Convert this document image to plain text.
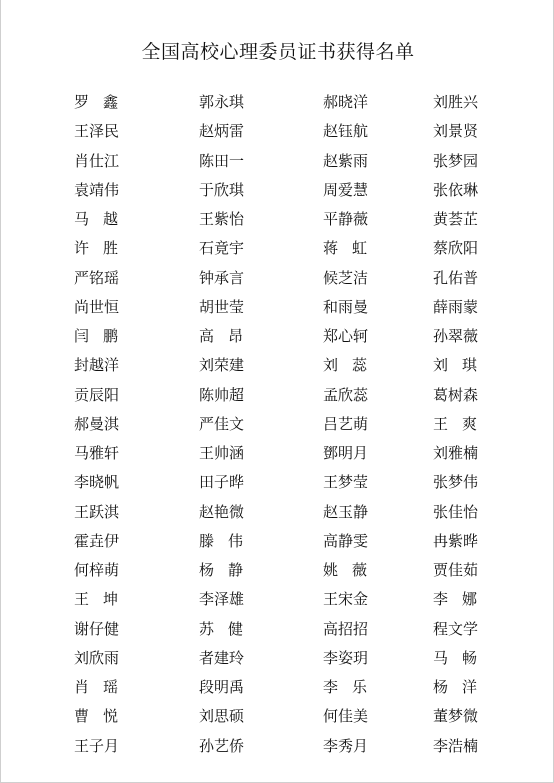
全国高校心理委员证书获得名单
罗鑫
王泽民
肖仕江
袁靖伟
马越
许胜
严铭瑶
尚世恒
闫鹏
封越洋
贡辰阳
郝曼淇
马雅轩
李晓帆
王跃淇
霍垚伊
何梓萌
王坤
谢仔健
刘欣雨
肖瑶
曹悦
王子月
郭永琪
赵炳雷
陈田一
于欣琪
王紫怡
石竟宇
钟承言
胡世莹
高昂
刘荣建
陈帅超
严佳文
王帅涵
田子晔
赵艳微
滕伟
杨静
李泽雄
苏健
者建玲
段明禹
刘思硕
孙艺侨
郝晓洋
赵钰航
赵紫雨
周爱慧
平静薇
蒋虹
候芝洁
和雨曼
郑心轲
刘蕊
孟欣蕊
吕艺萌
鄧明月
王梦莹
赵玉静
高静雯
姚薇
王宋金
高招招
李姿玥
李乐
何佳美
李秀月
刘胜兴
刘景贤
张梦园
张依琳
黄荟芷
蔡欣阳
孔佑普
薛雨蒙
孙翠薇
刘琪
葛树森
王爽
刘雅楠
张梦伟
张佳怡
冉紫晔
贾佳茹
李娜
程文学
马畅
杨洋
董梦微
李浩楠
